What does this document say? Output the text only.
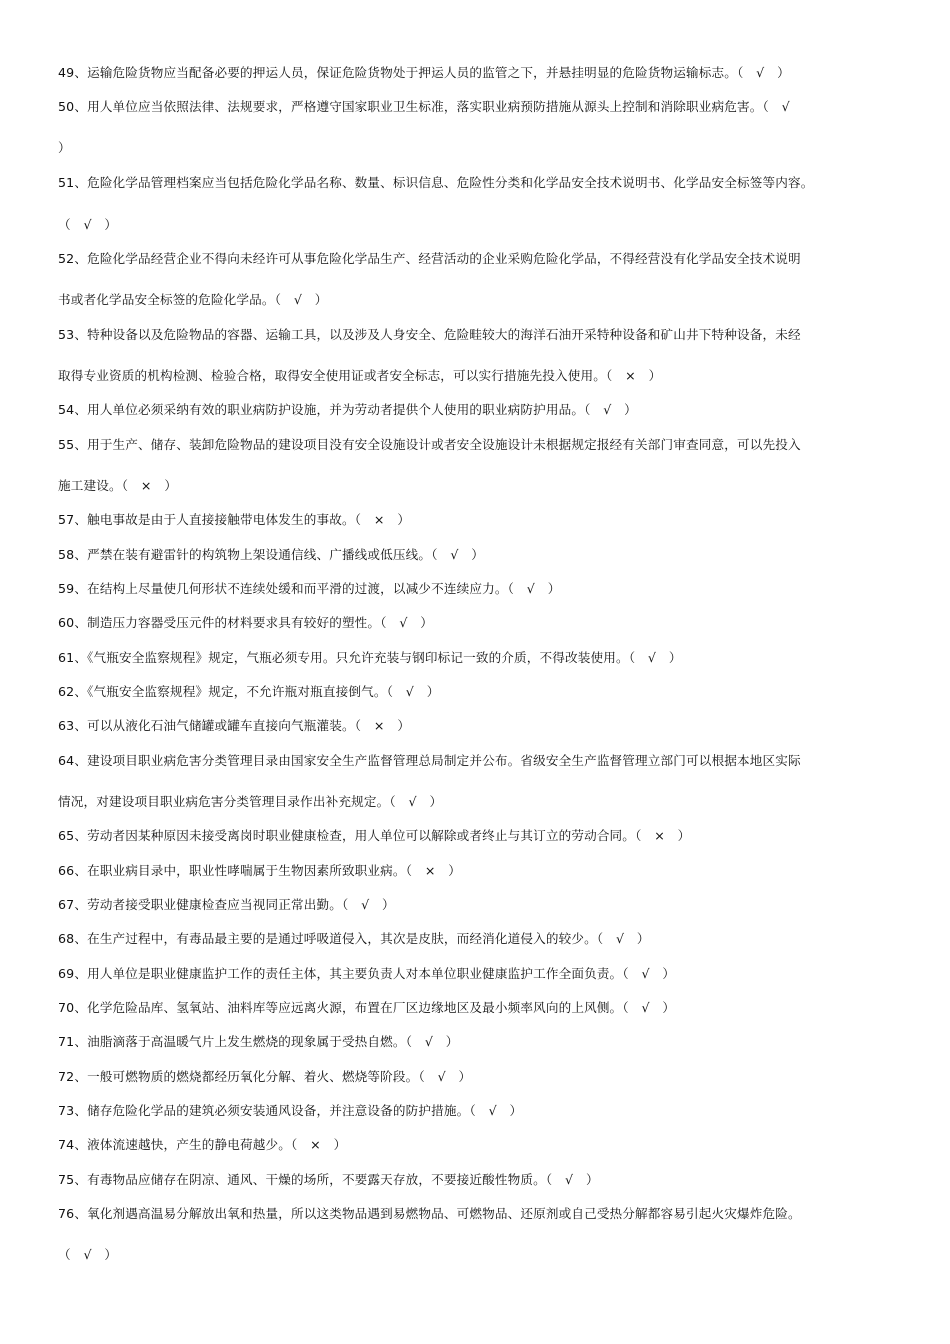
49、运输危险货物应当配备必要的押运人员，保证危险货物处于押运人员的监管之下，并悬挂明显的危险货物运输标志。（　√　）
50、用人单位应当依照法律、法规要求，严格遵守国家职业卫生标准，落实职业病预防措施从源头上控制和消除职业病危害。（　√
）
51、危险化学品管理档案应当包括危险化学品名称、数量、标识信息、危险性分类和化学品安全技术说明书、化学品安全标签等内容。
（　√　）
52、危险化学品经营企业不得向未经许可从事危险化学品生产、经营活动的企业采购危险化学品，不得经营没有化学品安全技术说明
书或者化学品安全标签的危险化学品。（　√　）
53、特种设备以及危险物品的容器、运输工具，以及涉及人身安全、危险畦较大的海洋石油开采特种设备和矿山井下特种设备，未经
取得专业资质的机构检测、检验合格，取得安全使用证或者安全标志，可以实行措施先投入使用。（　×　）
54、用人单位必须采纳有效的职业病防护设施，并为劳动者提供个人使用的职业病防护用品。（　√　）
55、用于生产、储存、装卸危险物品的建设项目没有安全设施设计或者安全设施设计未根据规定报经有关部门审查同意，可以先投入
施工建设。（　×　）
57、触电事故是由于人直接接触带电体发生的事故。（　×　）
58、严禁在装有避雷针的构筑物上架设通信线、广播线或低压线。（　√　）
59、在结构上尽量使几何形状不连续处缓和而平滑的过渡，以减少不连续应力。（　√　）
60、制造压力容器受压元件的材料要求具有较好的塑性。（　√　）
61、《气瓶安全监察规程》规定，气瓶必须专用。只允许充装与钢印标记一致的介质，不得改装使用。（　√　）
62、《气瓶安全监察规程》规定，不允许瓶对瓶直接倒气。（　√　）
63、可以从液化石油气储罐或罐车直接向气瓶灌装。（　×　）
64、建设项目职业病危害分类管理目录由国家安全生产监督管理总局制定并公布。省级安全生产监督管理立部门可以根据本地区实际
情况，对建设项目职业病危害分类管理目录作出补充规定。（　√　）
65、劳动者因某种原因未接受离岗时职业健康检查，用人单位可以解除或者终止与其订立的劳动合同。（　×　）
66、在职业病目录中，职业性哮喘属于生物因素所致职业病。（　×　）
67、劳动者接受职业健康检查应当视同正常出勤。（　√　）
68、在生产过程中，有毒品最主要的是通过呼吸道侵入，其次是皮肤，而经消化道侵入的较少。（　√　）
69、用人单位是职业健康监护工作的责任主体，其主要负责人对本单位职业健康监护工作全面负责。（　√　）
70、化学危险品库、氢氧站、油料库等应远离火源，布置在厂区边缘地区及最小频率风向的上风侧。（　√　）
71、油脂滴落于高温暖气片上发生燃烧的现象属于受热自燃。（　√　）
72、一般可燃物质的燃烧都经历氧化分解、着火、燃烧等阶段。（　√　）
73、储存危险化学品的建筑必须安装通风设备，并注意设备的防护措施。（　√　）
74、液体流速越快，产生的静电荷越少。（　×　）
75、有毒物品应储存在阴凉、通风、干燥的场所，不要露天存放，不要接近酸性物质。（　√　）
76、氧化剂遇高温易分解放出氧和热量，所以这类物品遇到易燃物品、可燃物品、还原剂或自己受热分解都容易引起火灾爆炸危险。
（　√　）
